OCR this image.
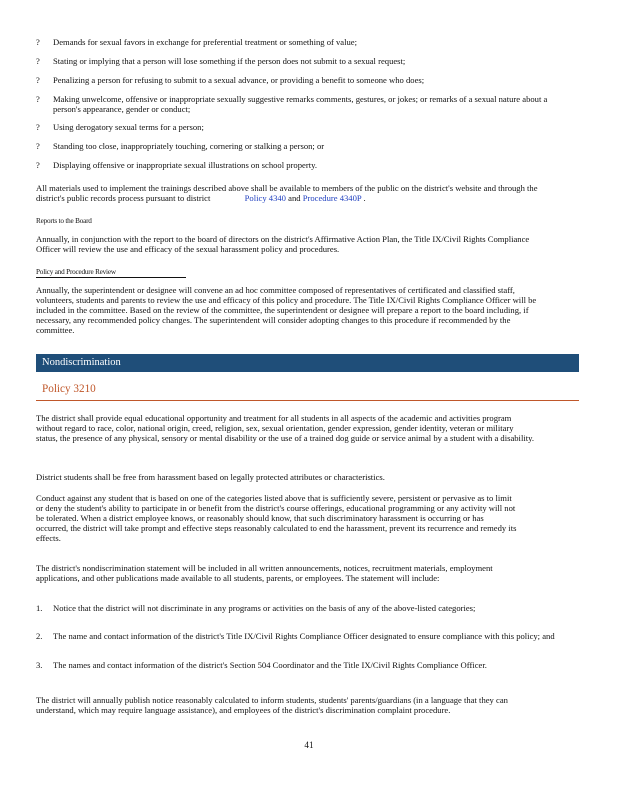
?	Demands for sexual favors in exchange for preferential treatment or something of value;
?	Stating or implying that a person will lose something if the person does not submit to a sexual request;
?	Penalizing a person for refusing to submit to a sexual advance, or providing a benefit to someone who does;
?	Making unwelcome, offensive or inappropriate sexually suggestive remarks comments, gestures, or jokes; or remarks of a sexual nature about a person's appearance, gender or conduct;
?	Using derogatory sexual terms for a person;
?	Standing too close, inappropriately touching, cornering or stalking a person; or
?	Displaying offensive or inappropriate sexual illustrations on school property.
All materials used to implement the trainings described above shall be available to members of the public on the district's website and through the district's public records process pursuant to district	Policy 4340 and Procedure 4340P .
Reports to the Board
Annually, in conjunction with the report to the board of directors on the district's Affirmative Action Plan, the Title IX/Civil Rights Compliance Officer will review the use and efficacy of the sexual harassment policy and procedures.
Policy and Procedure Review
Annually, the superintendent or designee will convene an ad hoc committee composed of representatives of certificated and classified staff, volunteers, students and parents to review the use and efficacy of this policy and procedure. The Title IX/Civil Rights Compliance Officer will be included in the committee. Based on the review of the committee, the superintendent or designee will prepare a report to the board including, if necessary, any recommended policy changes. The superintendent will consider adopting changes to this procedure if recommended by the committee.
Nondiscrimination
Policy 3210
The district shall provide equal educational opportunity and treatment for all students in all aspects of the academic and activities program without regard to race, color, national origin, creed, religion, sex, sexual orientation, gender expression, gender identity, veteran or military status, the presence of any physical, sensory or mental disability or the use of a trained dog guide or service animal by a student with a disability.
District students shall be free from harassment based on legally protected attributes or characteristics.
Conduct against any student that is based on one of the categories listed above that is sufficiently severe, persistent or pervasive as to limit or deny the student's ability to participate in or benefit from the district's course offerings, educational programming or any activity will not be tolerated. When a district employee knows, or reasonably should know, that such discriminatory harassment is occurring or has occurred, the district will take prompt and effective steps reasonably calculated to end the harassment, prevent its recurrence and remedy its effects.
The district's nondiscrimination statement will be included in all written announcements, notices, recruitment materials, employment applications, and other publications made available to all students, parents, or employees. The statement will include:
1. Notice that the district will not discriminate in any programs or activities on the basis of any of the above-listed categories;
2. The name and contact information of the district's Title IX/Civil Rights Compliance Officer designated to ensure compliance with this policy; and
3. The names and contact information of the district's Section 504 Coordinator and the Title IX/Civil Rights Compliance Officer.
The district will annually publish notice reasonably calculated to inform students, students' parents/guardians (in a language that they can understand, which may require language assistance), and employees of the district's discrimination complaint procedure.
41
